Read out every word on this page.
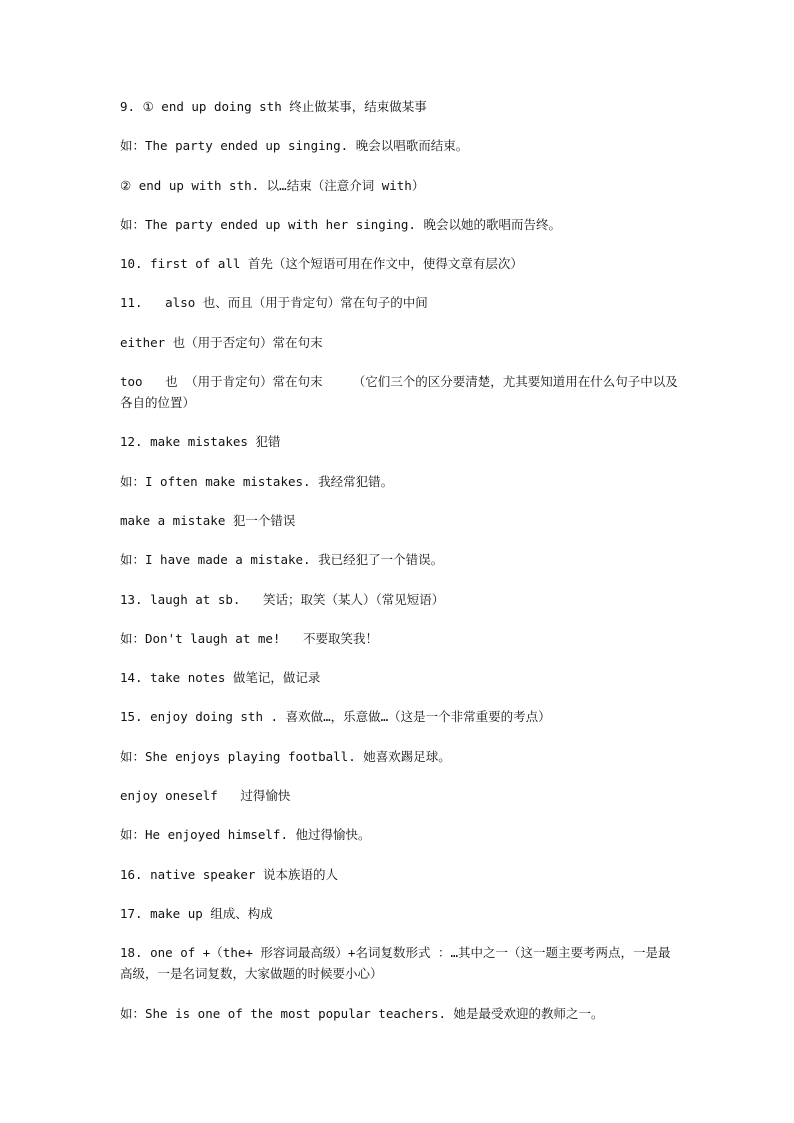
9. ① end up doing sth 终止做某事，结束做某事
如：The party ended up singing. 晚会以唱歌而结束。
② end up with sth. 以…结束（注意介词 with）
如：The party ended up with her singing. 晚会以她的歌唱而告终。
10. first of all 首先（这个短语可用在作文中，使得文章有层次）
11.   also 也、而且（用于肯定句）常在句子的中间
either 也（用于否定句）常在句末
too   也 （用于肯定句）常在句末    （它们三个的区分要清楚，尤其要知道用在什么句子中以及各自的位置）
12. make mistakes 犯错
如：I often make mistakes. 我经常犯错。
make a mistake 犯一个错误
如：I have made a mistake. 我已经犯了一个错误。
13. laugh at sb.   笑话；取笑（某人）（常见短语）
如：Don't laugh at me!   不要取笑我！
14. take notes 做笔记，做记录
15. enjoy doing sth . 喜欢做…，乐意做…（这是一个非常重要的考点）
如：She enjoys playing football. 她喜欢踢足球。
enjoy oneself   过得愉快
如：He enjoyed himself. 他过得愉快。
16. native speaker 说本族语的人
17. make up 组成、构成
18. one of +（the+ 形容词最高级）+名词复数形式 ：…其中之一（这一题主要考两点，一是最高级，一是名词复数，大家做题的时候要小心）
如：She is one of the most popular teachers. 她是最受欢迎的教师之一。
